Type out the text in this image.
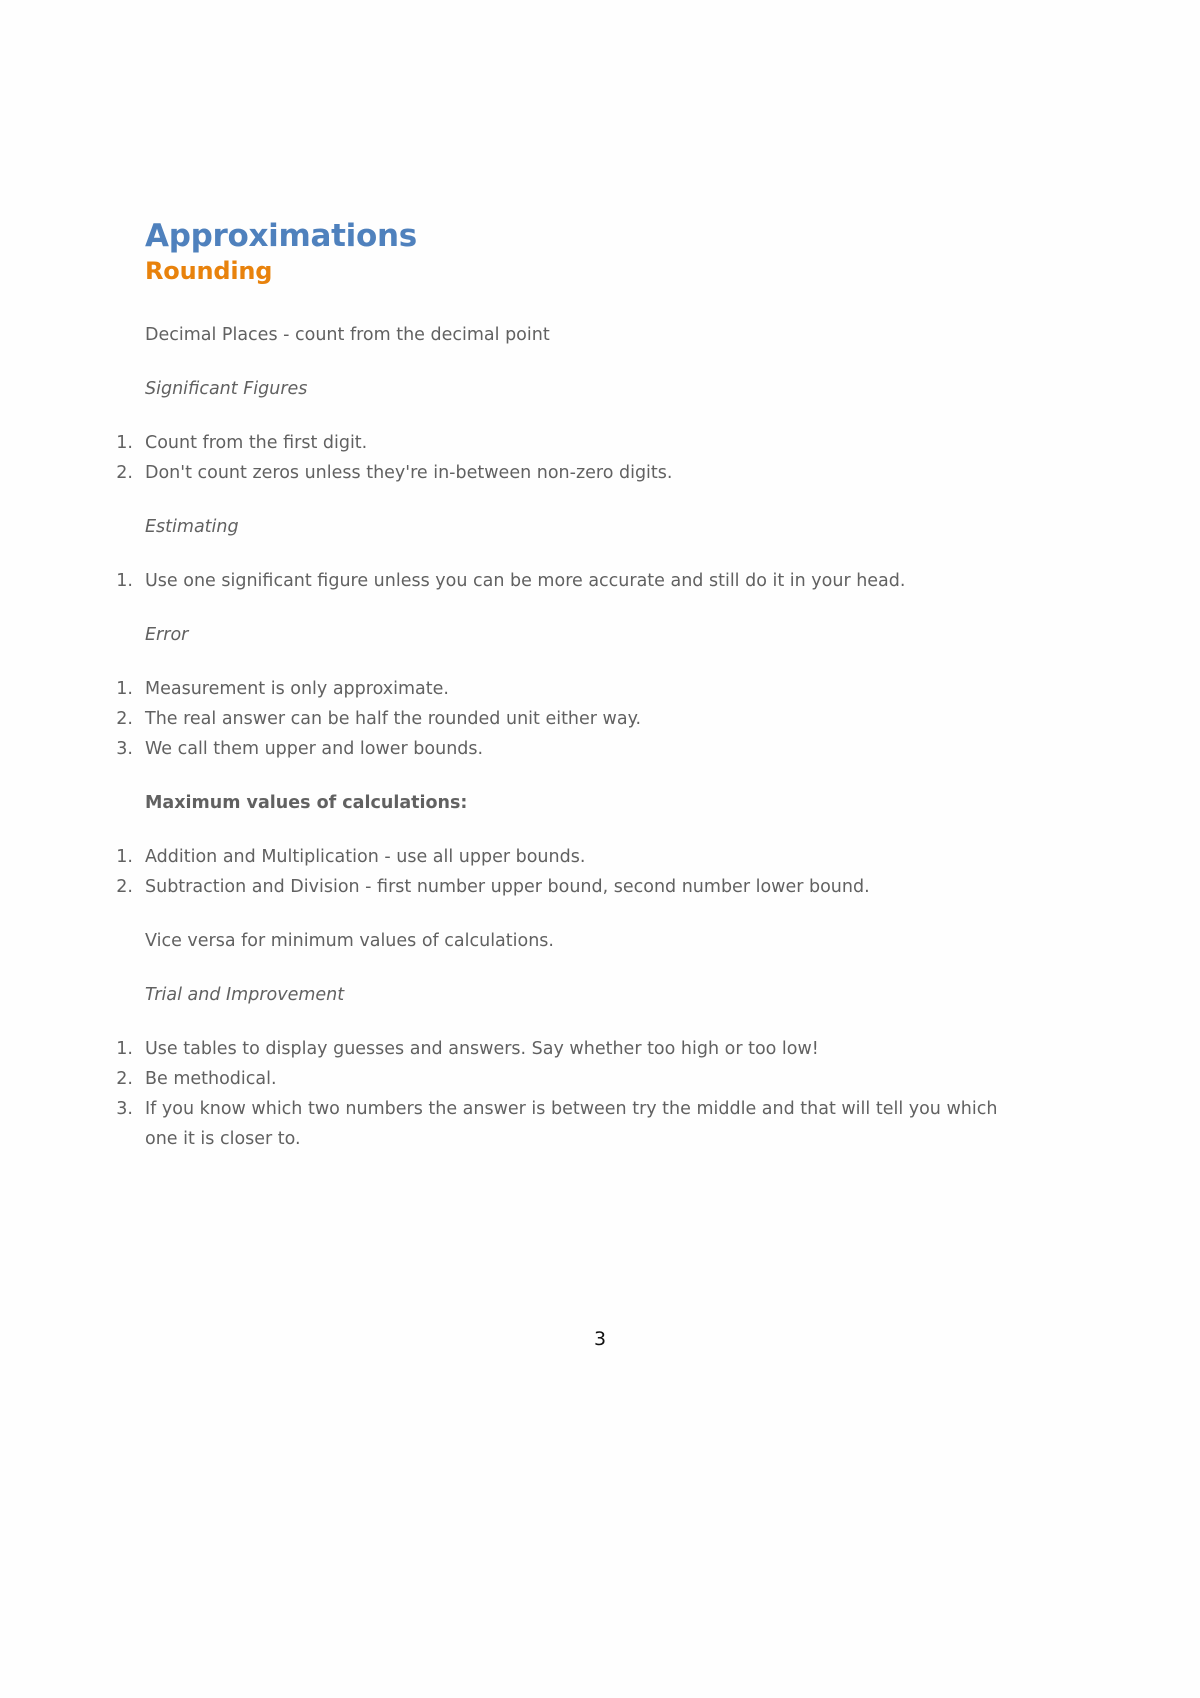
Approximations
Rounding

Decimal Places - count from the decimal point

Significant Figures

1. Count from the first digit.
2. Don't count zeros unless they're in-between non-zero digits.

Estimating

1. Use one significant figure unless you can be more accurate and still do it in your head.

Error

1. Measurement is only approximate.
2. The real answer can be half the rounded unit either way.
3. We call them upper and lower bounds.

Maximum values of calculations:

1. Addition and Multiplication - use all upper bounds.
2. Subtraction and Division - first number upper bound, second number lower bound.

Vice versa for minimum values of calculations.

Trial and Improvement

1. Use tables to display guesses and answers. Say whether too high or too low!
2. Be methodical.
3. If you know which two numbers the answer is between try the middle and that will tell you which one it is closer to.
3
